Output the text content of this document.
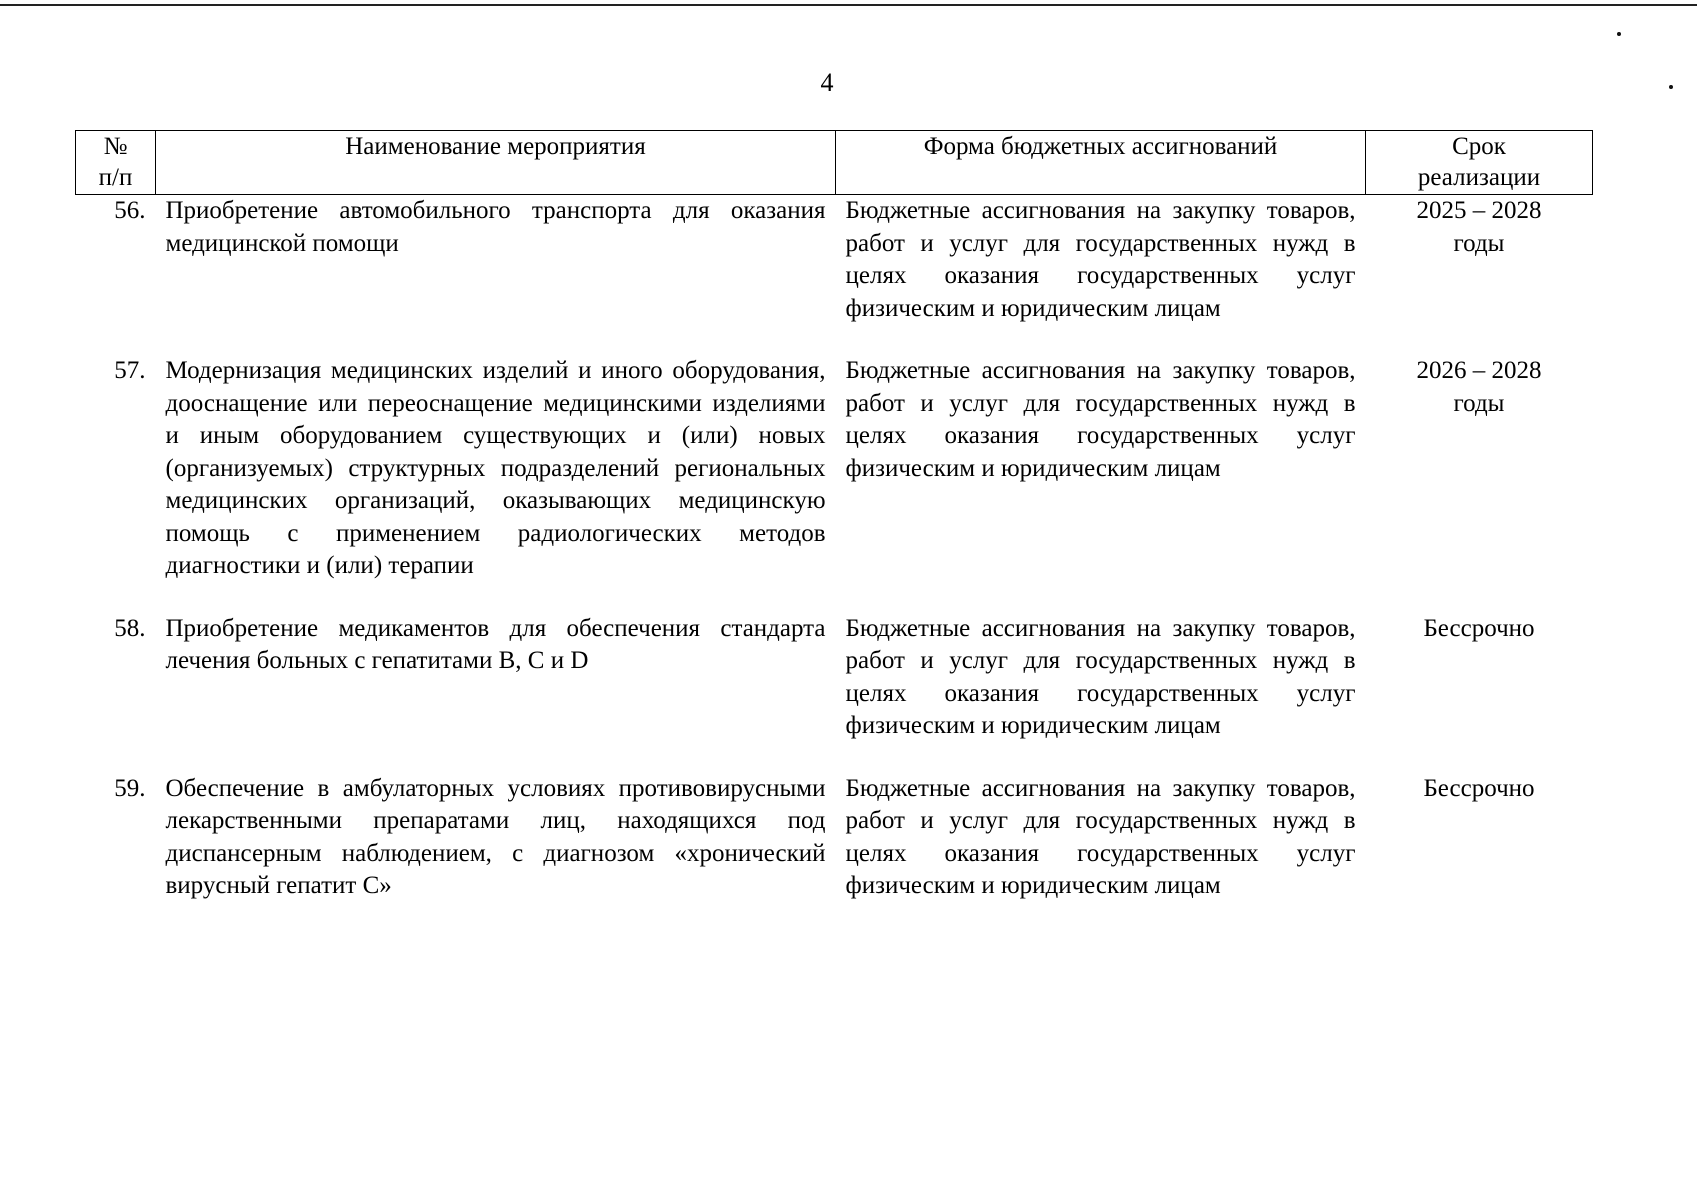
4
№
п/п	Наименование мероприятия	Форма бюджетных ассигнований	Срок реализации
56.	Приобретение автомобильного транспорта для оказания медицинской помощи	Бюджетные ассигнования на закупку товаров, работ и услуг для государственных нужд в целях оказания государственных услуг физическим и юридическим лицам	2025 – 2028 годы
57.	Модернизация медицинских изделий и иного оборудования, дооснащение или переоснащение медицинскими изделиями и иным оборудованием существующих и (или) новых (организуемых) структурных подразделений региональных медицинских организаций, оказывающих медицинскую помощь с применением радиологических методов диагностики и (или) терапии	Бюджетные ассигнования на закупку товаров, работ и услуг для государственных нужд в целях оказания государственных услуг физическим и юридическим лицам	2026 – 2028 годы
58.	Приобретение медикаментов для обеспечения стандарта лечения больных с гепатитами B, C и D	Бюджетные ассигнования на закупку товаров, работ и услуг для государственных нужд в целях оказания государственных услуг физическим и юридическим лицам	Бессрочно
59.	Обеспечение в амбулаторных условиях противовирусными лекарственными препаратами лиц, находящихся под диспансерным наблюдением, с диагнозом «хронический вирусный гепатит С»	Бюджетные ассигнования на закупку товаров, работ и услуг для государственных нужд в целях оказания государственных услуг физическим и юридическим лицам	Бессрочно
